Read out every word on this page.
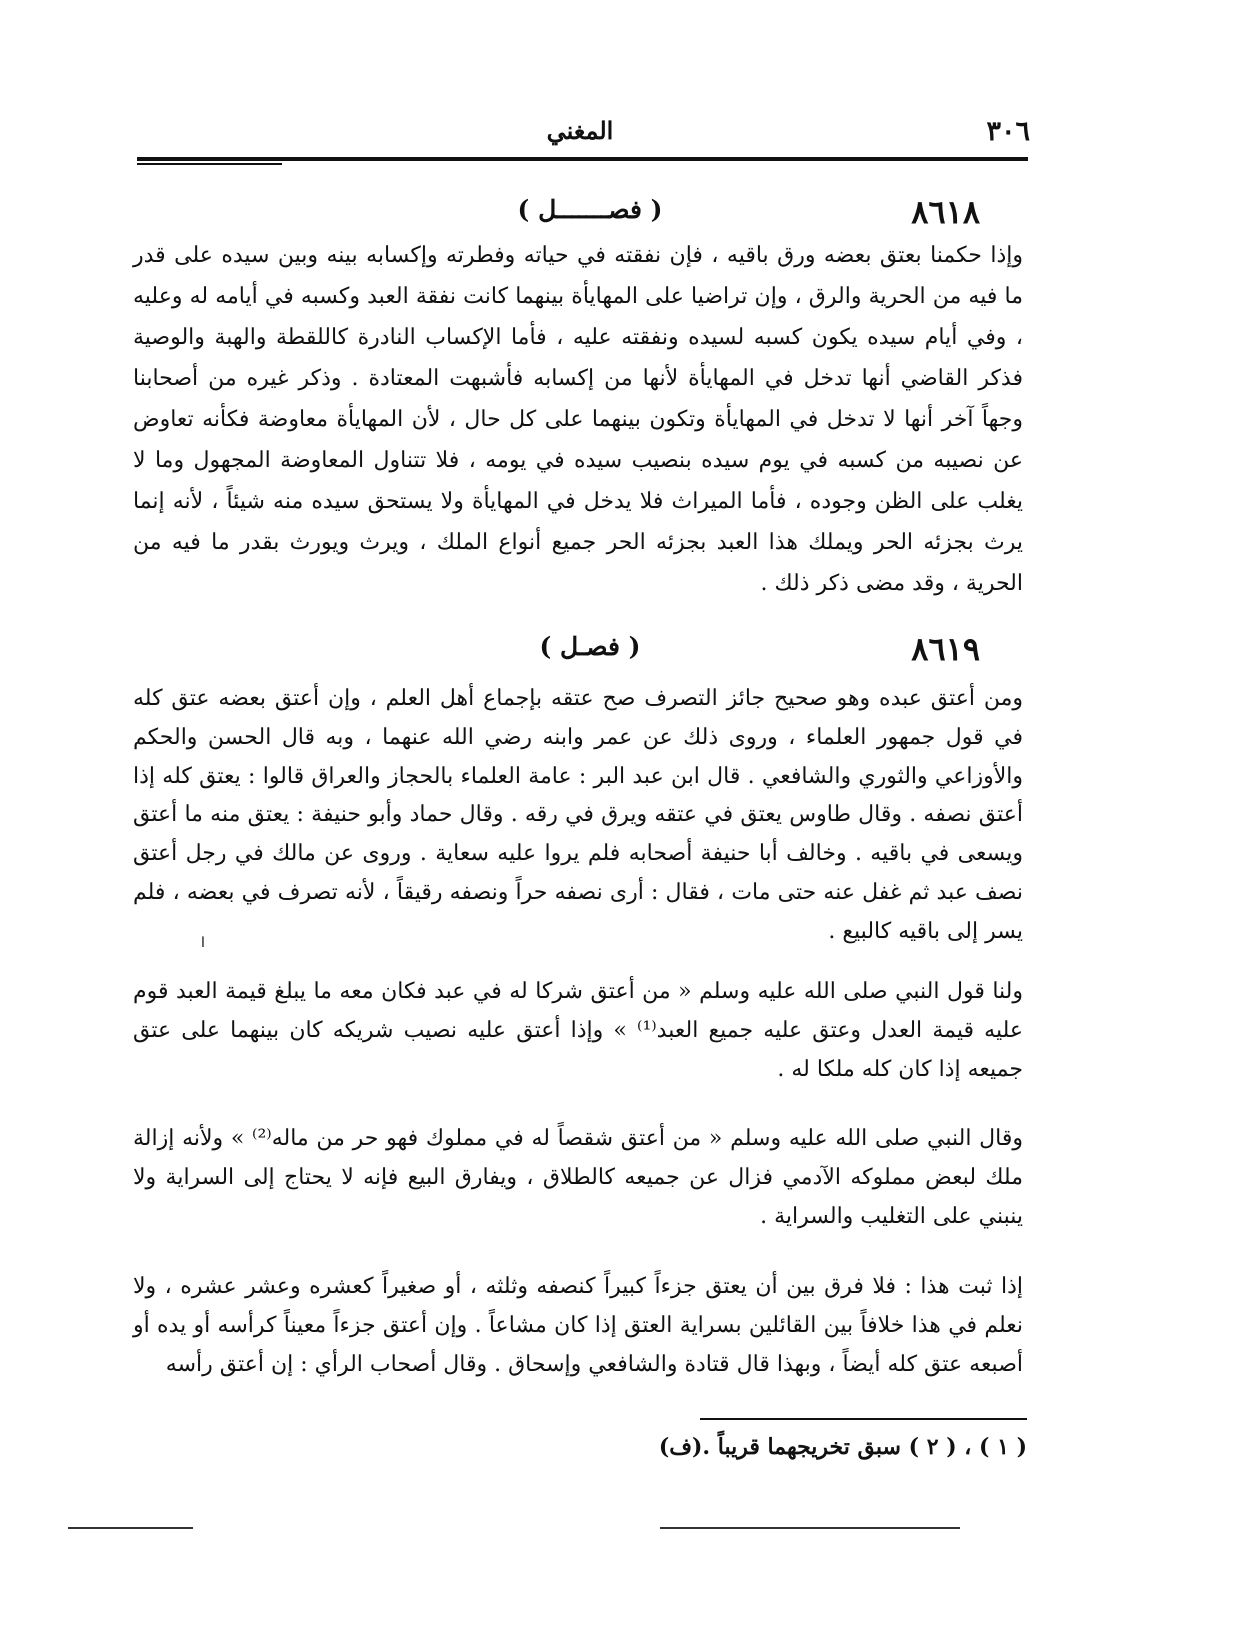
المغني	٣٠٦
٨٦١٨
( فصـــــــل )

وإذا حكمنا بعتق بعضه ورق باقيه ، فإن نفقته في حياته وفطرته وإكسابه بينه وبين سيده على قدر ما فيه من الحرية والرق ، وإن تراضيا على المهايأة بينهما كانت نفقة العبد وكسبه في أيامه له وعليه ، وفي أيام سيده يكون كسبه لسيده ونفقته عليه ، فأما الإكساب النادرة كاللقطة والهبة والوصية فذكر القاضي أنها تدخل في المهايأة لأنها من إكسابه فأشبهت المعتادة . وذكر غيره من أصحابنا وجهاً آخر أنها لا تدخل في المهايأة وتكون بينهما على كل حال ، لأن المهايأة معاوضة فكأنه تعاوض عن نصيبه من كسبه في يوم سيده بنصيب سيده في يومه ، فلا تتناول المعاوضة المجهول وما لا يغلب على الظن وجوده ، فأما الميراث فلا يدخل في المهايأة ولا يستحق سيده منه شيئاً ، لأنه إنما يرث بجزئه الحر ويملك هذا العبد بجزئه الحر جميع أنواع الملك ، ويرث ويورث بقدر ما فيه من الحرية ، وقد مضى ذكر ذلك .

٨٦١٩
( فصـل )

ومن أعتق عبده وهو صحيح جائز التصرف صح عتقه بإجماع أهل العلم ، وإن أعتق بعضه عتق كله في قول جمهور العلماء ، وروى ذلك عن عمر وابنه رضي الله عنهما ، وبه قال الحسن والحكم والأوزاعي والثوري والشافعي . قال ابن عبد البر : عامة العلماء بالحجاز والعراق قالوا : يعتق كله إذا أعتق نصفه . وقال طاوس يعتق في عتقه ويرق في رقه . وقال حماد وأبو حنيفة : يعتق منه ما أعتق ويسعى في باقيه . وخالف أبا حنيفة أصحابه فلم يروا عليه سعاية . وروى عن مالك في رجل أعتق نصف عبد ثم غفل عنه حتى مات ، فقال : أرى نصفه حراً ونصفه رقيقاً ، لأنه تصرف في بعضه ، فلم يسر إلى باقيه كالبيع .

ا

ولنا قول النبي صلى الله عليه وسلم « من أعتق شركا له في عبد فكان معه ما يبلغ قيمة العبد قوم عليه قيمة العدل وعتق عليه جميع العبد⁽¹⁾ » وإذا أعتق عليه نصيب شريكه كان بينهما على عتق جميعه إذا كان كله ملكا له .

وقال النبي صلى الله عليه وسلم « من أعتق شقصاً له في مملوك فهو حر من ماله⁽²⁾ » ولأنه إزالة ملك لبعض مملوكه الآدمي فزال عن جميعه كالطلاق ، ويفارق البيع فإنه لا يحتاج إلى السراية ولا ينبني على التغليب والسراية .

إذا ثبت هذا : فلا فرق بين أن يعتق جزءاً كبيراً كنصفه وثلثه ، أو صغيراً كعشره وعشر عشره ، ولا نعلم في هذا خلافاً بين القائلين بسراية العتق إذا كان مشاعاً . وإن أعتق جزءاً معيناً كرأسه أو يده أو أصبعه عتق كله أيضاً ، وبهذا قال قتادة والشافعي وإسحاق . وقال أصحاب الرأي : إن أعتق رأسه

( ١ ) ، ( ٢ ) سبق تخريجهما قريباً .(ف)
